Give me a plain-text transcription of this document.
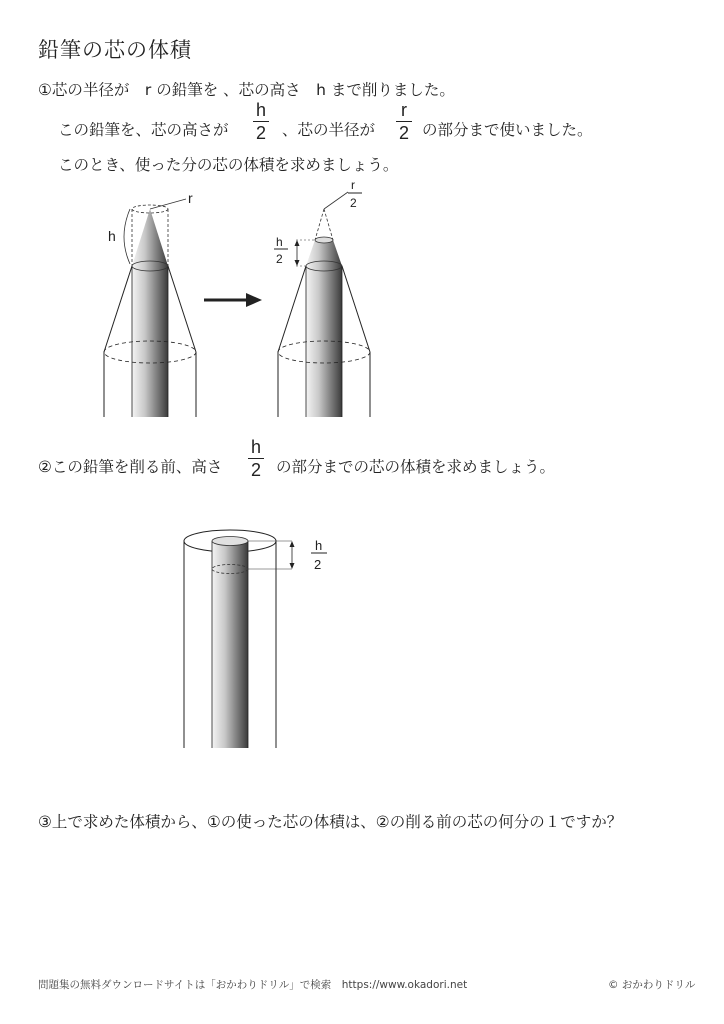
鉛筆の芯の体積
①芯の半径が　r の鉛筆を 、芯の高さ　h まで削りました。
この鉛筆を、芯の高さが
h
2 、芯の半径が
r
2 の部分まで使いました。
このとき、使った分の芯の体積を求めましょう。
r
h
r
2
h
2
②この鉛筆を削る前、高さ
h
2 の部分までの芯の体積を求めましょう。
h
2
③上で求めた体積から、①の使った芯の体積は、②の削る前の芯の何分の１ですか？
問題集の無料ダウンロードサイトは「おかわりドリル」で検索　https://www.okadori.net	© おかわりドリル
